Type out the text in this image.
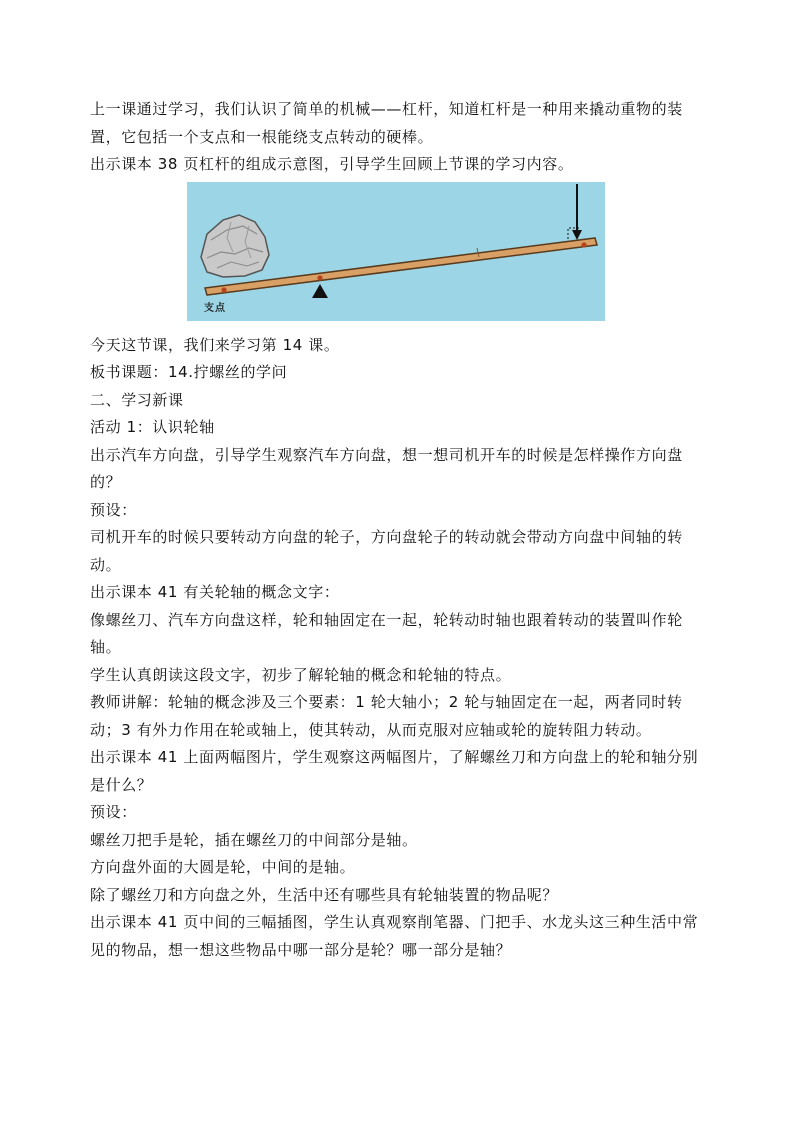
上一课通过学习，我们认识了简单的机械——杠杆，知道杠杆是一种用来撬动重物的装置，它包括一个支点和一根能绕支点转动的硬棒。

出示课本 38 页杠杆的组成示意图，引导学生回顾上节课的学习内容。

支点

今天这节课，我们来学习第 14 课。

板书课题：14.拧螺丝的学问

二、学习新课

活动 1：认识轮轴

出示汽车方向盘，引导学生观察汽车方向盘，想一想司机开车的时候是怎样操作方向盘的？

预设：

司机开车的时候只要转动方向盘的轮子，方向盘轮子的转动就会带动方向盘中间轴的转动。

出示课本 41 有关轮轴的概念文字：

像螺丝刀、汽车方向盘这样，轮和轴固定在一起，轮转动时轴也跟着转动的装置叫作轮轴。

学生认真朗读这段文字，初步了解轮轴的概念和轮轴的特点。

教师讲解：轮轴的概念涉及三个要素：1 轮大轴小；2 轮与轴固定在一起，两者同时转动；3 有外力作用在轮或轴上，使其转动，从而克服对应轴或轮的旋转阻力转动。

出示课本 41 上面两幅图片，学生观察这两幅图片，了解螺丝刀和方向盘上的轮和轴分别是什么？

预设：

螺丝刀把手是轮，插在螺丝刀的中间部分是轴。

方向盘外面的大圆是轮，中间的是轴。

除了螺丝刀和方向盘之外，生活中还有哪些具有轮轴装置的物品呢？

出示课本 41 页中间的三幅插图，学生认真观察削笔器、门把手、水龙头这三种生活中常见的物品，想一想这些物品中哪一部分是轮？哪一部分是轴？
